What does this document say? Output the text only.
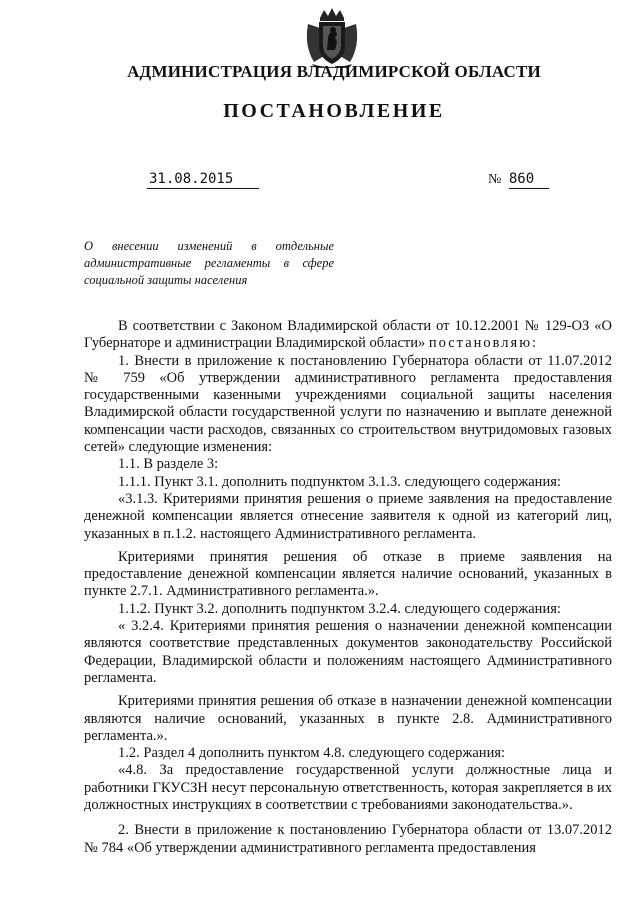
АДМИНИСТРАЦИЯ ВЛАДИМИРСКОЙ ОБЛАСТИ
ПОСТАНОВЛЕНИЕ
31.08.2015	№ 860
О внесении изменений в отдельные административные регламенты в сфере социальной защиты населения

В соответствии с Законом Владимирской области от 10.12.2001 № 129-ОЗ «О Губернаторе и администрации Владимирской области» постановляю:

1. Внести в приложение к постановлению Губернатора области от 11.07.2012 № 759 «Об утверждении административного регламента предоставления государственными казенными учреждениями социальной защиты населения Владимирской области государственной услуги по назначению и выплате денежной компенсации части расходов, связанных со строительством внутридомовых газовых сетей» следующие изменения:

1.1. В разделе 3:

1.1.1. Пункт 3.1. дополнить подпунктом 3.1.3. следующего содержания:

«3.1.3. Критериями принятия решения о приеме заявления на предоставление денежной компенсации является отнесение заявителя к одной из категорий лиц, указанных в п.1.2. настоящего Административного регламента.

Критериями принятия решения об отказе в приеме заявления на предоставление денежной компенсации является наличие оснований, указанных в пункте 2.7.1. Административного регламента.».

1.1.2. Пункт 3.2. дополнить подпунктом 3.2.4. следующего содержания:

« 3.2.4. Критериями принятия решения о назначении денежной компенсации являются соответствие представленных документов законодательству Российской Федерации, Владимирской области и положениям настоящего Административного регламента.

Критериями принятия решения об отказе в назначении денежной компенсации являются наличие оснований, указанных в пункте 2.8. Административного регламента.».

1.2. Раздел 4 дополнить пунктом 4.8. следующего содержания:

«4.8. За предоставление государственной услуги должностные лица и работники ГКУСЗН несут персональную ответственность, которая закрепляется в их должностных инструкциях в соответствии с требованиями законодательства.».

2. Внести в приложение к постановлению Губернатора области от 13.07.2012 № 784 «Об утверждении административного регламента предоставления
